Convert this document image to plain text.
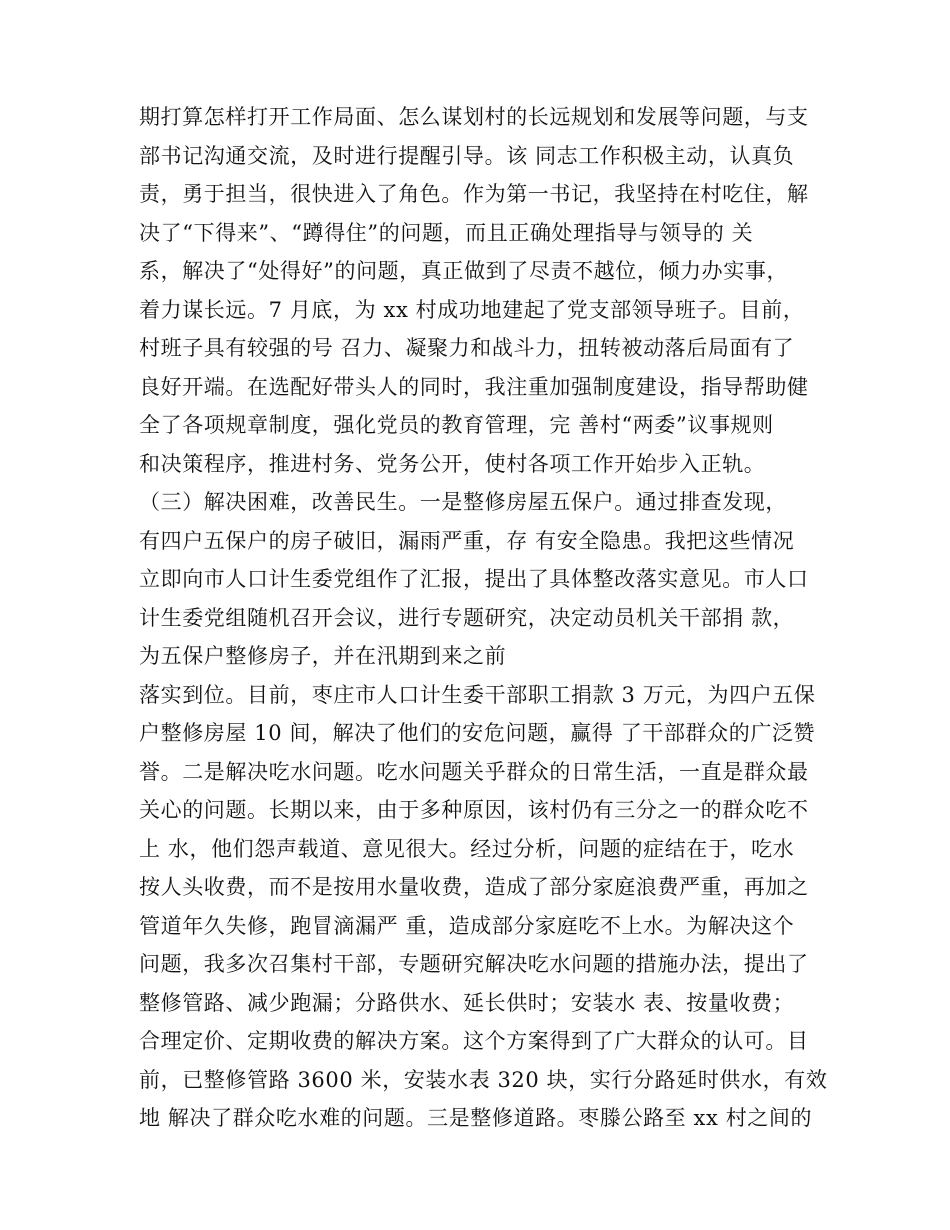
期打算怎样打开工作局面、怎么谋划村的长远规划和发展等问题，与支
部书记沟通交流，及时进行提醒引导。该 同志工作积极主动，认真负
责，勇于担当，很快进入了角色。作为第一书记，我坚持在村吃住，解
决了“下得来”、“蹲得住”的问题，而且正确处理指导与领导的 关
系，解决了“处得好”的问题，真正做到了尽责不越位，倾力办实事，
着力谋长远。7 月底，为 xx 村成功地建起了党支部领导班子。目前，
村班子具有较强的号 召力、凝聚力和战斗力，扭转被动落后局面有了
良好开端。在选配好带头人的同时，我注重加强制度建设，指导帮助健
全了各项规章制度，强化党员的教育管理，完 善村“两委”议事规则
和决策程序，推进村务、党务公开，使村各项工作开始步入正轨。
（三）解决困难，改善民生。一是整修房屋五保户。通过排查发现，
有四户五保户的房子破旧，漏雨严重，存 有安全隐患。我把这些情况
立即向市人口计生委党组作了汇报，提出了具体整改落实意见。市人口
计生委党组随机召开会议，进行专题研究，决定动员机关干部捐 款，
为五保户整修房子，并在汛期到来之前
落实到位。目前，枣庄市人口计生委干部职工捐款 3 万元，为四户五保
户整修房屋 10 间，解决了他们的安危问题，赢得 了干部群众的广泛赞
誉。二是解决吃水问题。吃水问题关乎群众的日常生活，一直是群众最
关心的问题。长期以来，由于多种原因，该村仍有三分之一的群众吃不
上 水，他们怨声载道、意见很大。经过分析，问题的症结在于，吃水
按人头收费，而不是按用水量收费，造成了部分家庭浪费严重，再加之
管道年久失修，跑冒滴漏严 重，造成部分家庭吃不上水。为解决这个
问题，我多次召集村干部，专题研究解决吃水问题的措施办法，提出了
整修管路、减少跑漏；分路供水、延长供时；安装水 表、按量收费；
合理定价、定期收费的解决方案。这个方案得到了广大群众的认可。目
前，已整修管路 3600 米，安装水表 320 块，实行分路延时供水，有效
地 解决了群众吃水难的问题。三是整修道路。枣滕公路至 xx 村之间的
